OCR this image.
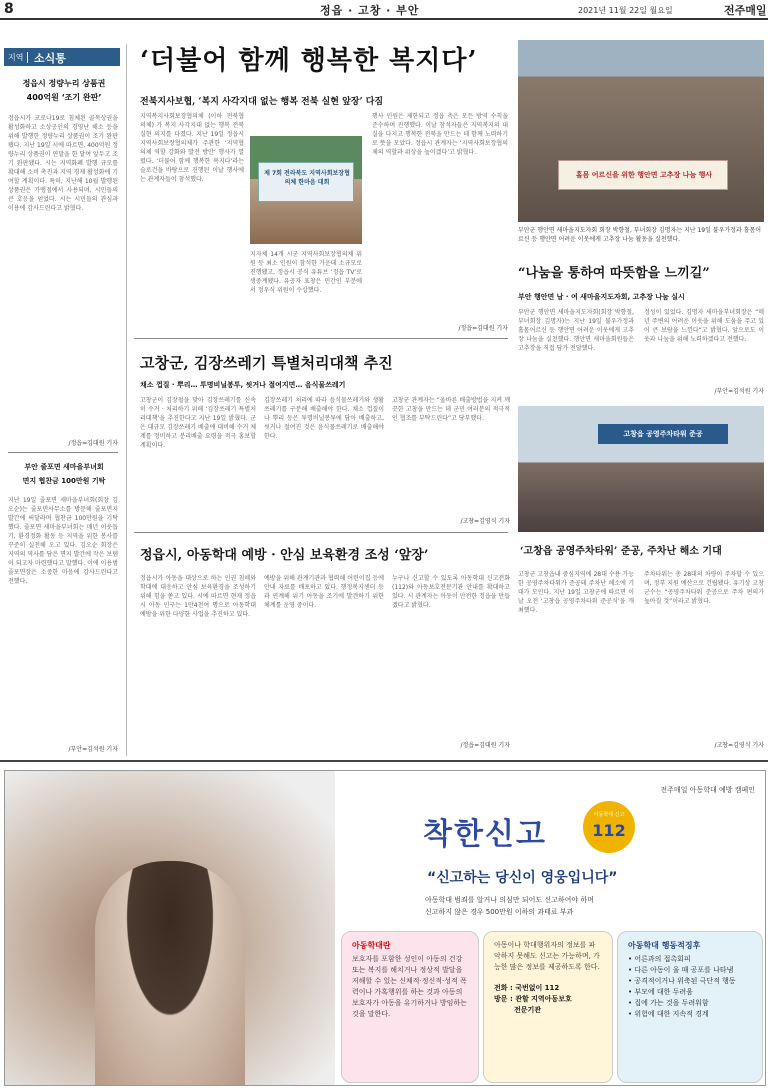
8	정읍 · 고창 · 부안	2021년 11월 22일 월요일	전주매일
지역 소식통
정읍시 정량누리 상품권
400억원 ‘조기 완판’
정읍시가 코로나19로 침체된 골목상권을 활성화하고 소상공인의 경영난 해소 등을 위해 발행한 정량누리 상품권이 조기 완판됐다. 지난 19일 시에 따르면, 400억원 정량누리 상품권이 연말을 한 달여 앞두고 조기 완판됐다. 시는 지역화폐 발행 규모를 확대해 소비 촉진과 지역 경제 활성화에 기여할 계획이다. 특히, 지난해 10월 발행된 상품권은 가맹점에서 사용되며, 시민들의 큰 호응을 얻었다. 시는 시민들의 관심과 이용에 감사드린다고 밝혔다.
/정읍=김대원 기자
부안 줄포면 새마을부녀회
면지 협찬금 100만원 기탁
지난 19일 줄포면 새마을부녀회(회장 김오순)는 줄포면사무소를 방문해 줄포면지 발간에 써달라며 협찬금 100만원을 기탁했다. 줄포면 새마을부녀회는 매년 이웃돕기, 환경정화 활동 등 지역을 위한 봉사를 꾸준히 실천해 오고 있다. 김오순 회장은 지역의 역사를 담은 면지 발간에 작은 보탬이 되고자 마련했다고 말했다. 이에 이용범 줄포면장은 소중한 마음에 감사드린다고 전했다.
/부안=김석원 기자
‘더불어 함께 행복한 복지다’
전북지사보협, ‘복지 사각지대 없는 행복 전북 실현 앞장’ 다짐
지역복지사회보장협의체 (이하 전북협의체) 가 복지 사각지대 없는 행복 전북 실현 의지를 다졌다. 지난 19일 정읍시 지역사회보장협의체가 주관한 ‘지역협의체 역할 강화와 발전 방안’ 행사가 열렸다. ‘더불어 함께 행복한 복지다’라는 슬로건을 바탕으로 진행된 이날 행사에는 관계자들이 참석했다.
제 7회 전라북도 지역사회보장협의체 한마음 대회
지자체 14개 시군 지역사회보장협의체 위원 등 최소 인원이 참석한 가운데 소규모로 진행됐고, 정읍시 공식 유튜브 ‘정읍 TV’로 생중계됐다. 유공자 표창은 민간인 부분에서 정우식 위원이 수상했다.
행사 인원은 제한되고 정읍 측은 모든 방역 수칙을 준수하며 진행했다. 이날 참석자들은 지역복지의 내실을 다지고 행복한 전북을 만드는 데 함께 노력하기로 뜻을 모았다. 정읍시 관계자는 ‘지역사회보장협의체의 역할과 위상을 높이겠다’고 밝혔다.
/정읍=김대원 기자
홀몸 어르신을 위한 행안면 고추장 나눔 행사
부안군 행안면 새마을지도자회 회장 박향철, 부녀회장 김명자는 지난 19일 불우가정과 홀몸어르신 등 행안면 어려운 이웃에게 고추장 나눔 활동을 실천했다.
“나눔을 통하여 따뜻함을 느끼길”
부안 행안면 남 · 여 새마을지도자회, 고추장 나눔 실시
부안군 행안면 새마을지도자회(회장 박향철, 부녀회장 김명자)는 지난 19일 불우가정과 홀몸어르신 등 행안면 어려운 이웃에게 고추장 나눔을 실천했다. 행안면 새마을회원들은 고추장을 직접 담가 전달했다.
정성이 있었다. 김명자 새마을부녀회장은 “매년 주변의 어려운 이웃을 위해 도움을 주고 있어 큰 보람을 느낀다”고 밝혔다. 앞으로도 이웃과 나눔을 위해 노력하겠다고 전했다.
/부안=김석원 기자
고창군, 김장쓰레기 특별처리대책 추진
채소 껍질 · 뿌리… 투명비닐봉투, 씻거나 절여지면… 음식물쓰레기
고창군이 김장철을 맞아 김장쓰레기를 신속히 수거 · 처리하기 위해 ‘김장쓰레기 특별처리대책’을 추진한다고 지난 19일 밝혔다. 군은 대규모 김장쓰레기 배출에 대비해 수거 체계를 정비하고 분리배출 요령을 적극 홍보할 계획이다.
김장쓰레기 처리에 따라 음식물쓰레기와 생활쓰레기를 구분해 배출해야 한다. 채소 껍질이나 뿌리 등은 투명비닐봉투에 담아 배출하고, 씻거나 절여진 것은 음식물쓰레기로 배출해야 한다.
고창군 관계자는 “올바른 배출방법을 지켜 깨끗한 고창을 만드는 데 군민 여러분의 적극적인 협조를 부탁드린다”고 당부했다.
/고창=김영식 기자
고창읍 공영주차타워 준공
정읍시, 아동학대 예방 · 안심 보육환경 조성 ‘앞장’
정읍시가 아동을 대상으로 하는 인권 침해와 학대에 대응하고 안심 보육환경을 조성하기 위해 힘을 쏟고 있다. 시에 따르면 현재 정읍시 아동 인구는 1만4천여 명으로 아동학대 예방을 위한 다양한 사업을 추진하고 있다.
예방을 위해 관계기관과 협력해 어린이집 등에 안내 자료를 배포하고 있다. 행정복지센터 등과 연계해 위기 아동을 조기에 발견하기 위한 체계를 운영 중이다.
누구나 신고할 수 있도록 아동학대 신고전화(112)와 아동보호전문기관 안내를 확대하고 있다. 시 관계자는 아동이 안전한 정읍을 만들겠다고 밝혔다.
/정읍=김대원 기자
‘고창읍 공영주차타워’ 준공, 주차난 해소 기대
고창군 고창읍내 중심지역에 28대 수용 가능한 공영주차타워가 준공돼 주차난 해소에 기대가 모인다. 지난 19일 고창군에 따르면 이날 오전 ‘고창읍 공영주차타워 준공식’을 개최했다.
주차타워는 총 28대의 차량이 주차할 수 있으며, 정부 지원 예산으로 건립됐다. 유기상 고창군수는 “공영주차타워 준공으로 주차 편의가 높아질 것”이라고 밝혔다.
/고창=김영식 기자
전주매일 아동학대 예방 캠페인
착한신고
아동학대 신고
112
“신고하는 당신이 영웅입니다”
아동학대 범죄를 알거나 의심만 되어도 신고하여야 하며
신고하지 않은 경우 500만원 이하의 과태료 부과
아동학대란
보호자를 포함한 성인이 아동의 건강 또는 복지를 해치거나 정상적 발달을 저해할 수 있는 신체적·정신적·성적 폭력이나 가혹행위를 하는 것과 아동의 보호자가 아동을 유기하거나 방임하는 것을 말한다.
아동이나 학대행위자의 정보를 파악하지 못해도 신고는 가능하며, 가능한 많은 정보를 제공하도록 한다.
전화 : 국번없이 112
방문 : 관할 지역아동보호
전문기관
아동학대 행동적징후
• 어른과의 접촉회피
• 다른 아동이 울 때 공포를 나타냄
• 공격적이거나 위축된 극단적 행동
• 부모에 대한 두려움
• 집에 가는 것을 두려워함
• 위험에 대한 지속적 경계
